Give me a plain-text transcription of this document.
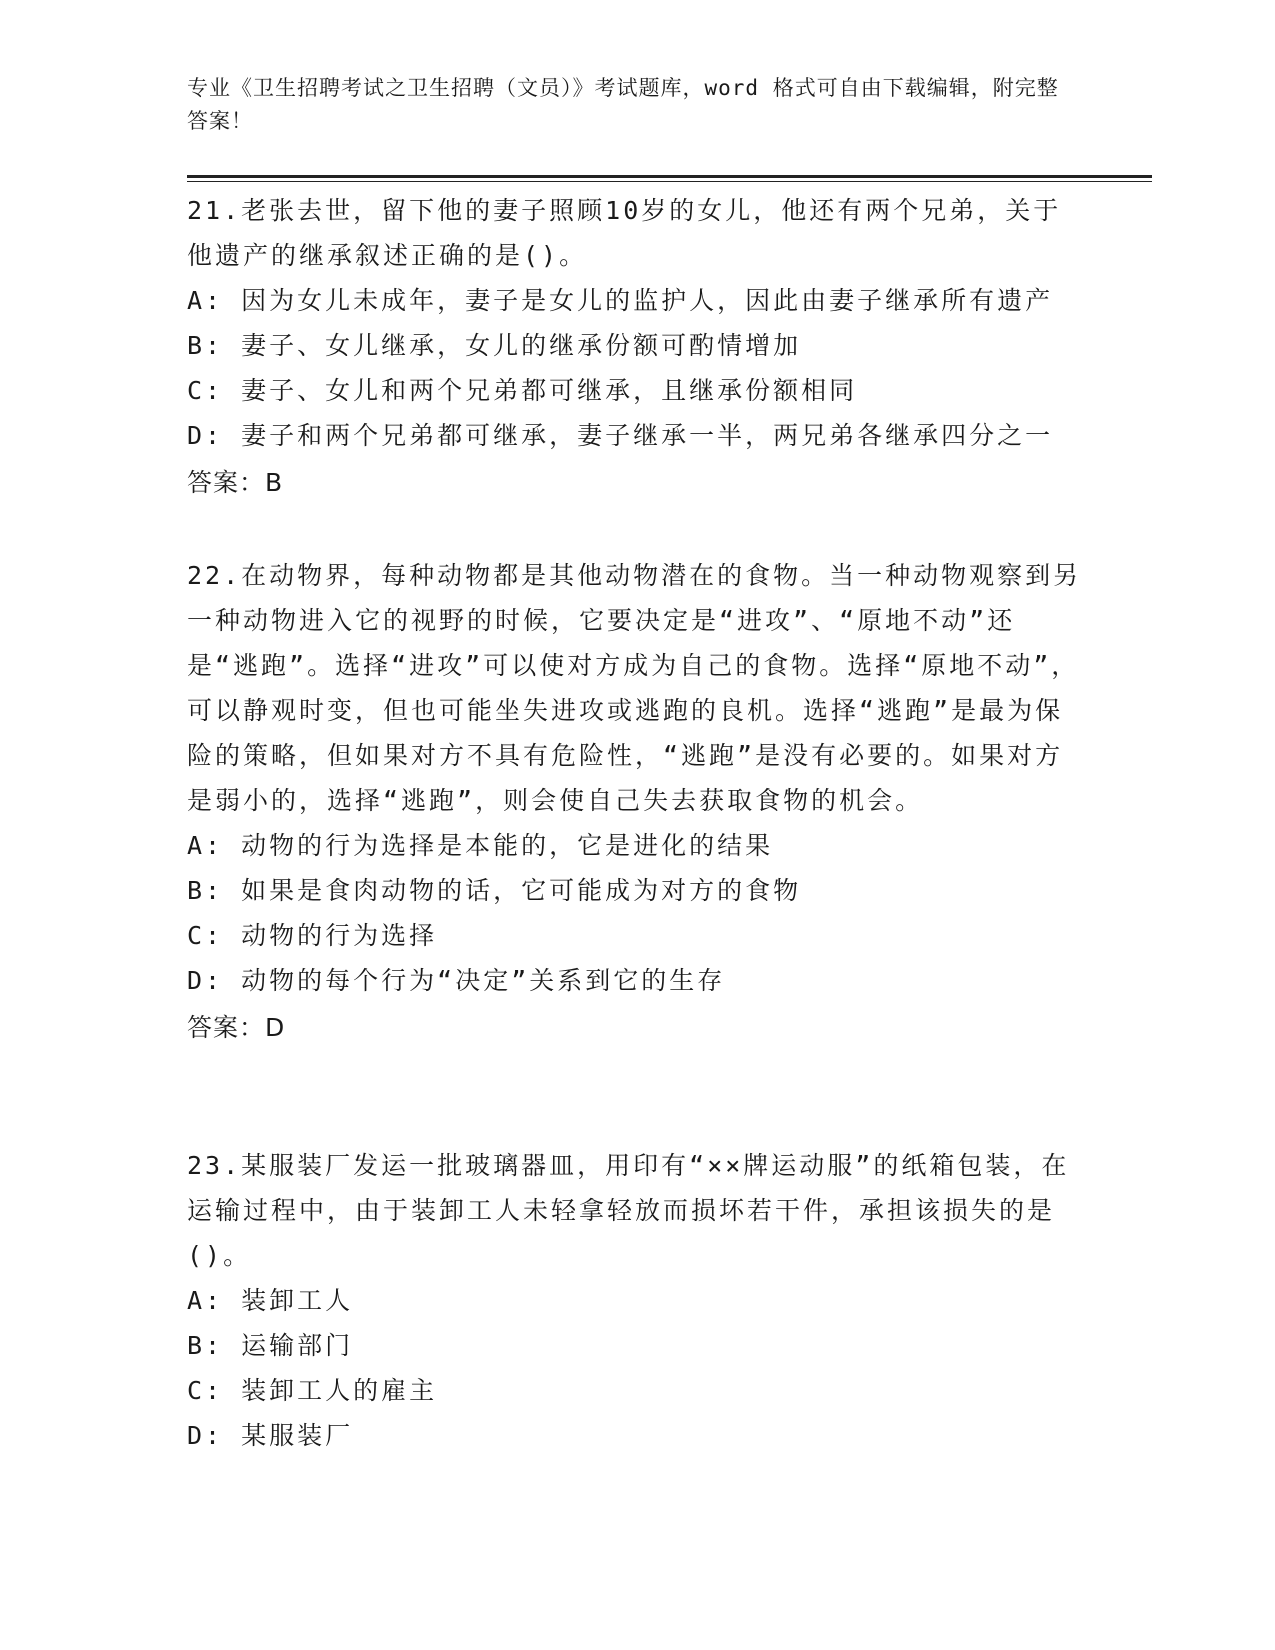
专业《卫生招聘考试之卫生招聘（文员）》考试题库，word 格式可自由下载编辑，附完整答案！
21.老张去世，留下他的妻子照顾10岁的女儿，他还有两个兄弟，关于他遗产的继承叙述正确的是()。
A: 因为女儿未成年，妻子是女儿的监护人，因此由妻子继承所有遗产
B: 妻子、女儿继承，女儿的继承份额可酌情增加
C: 妻子、女儿和两个兄弟都可继承，且继承份额相同
D: 妻子和两个兄弟都可继承，妻子继承一半，两兄弟各继承四分之一
答案：B
22.在动物界，每种动物都是其他动物潜在的食物。当一种动物观察到另一种动物进入它的视野的时候，它要决定是“进攻”、“原地不动”还是“逃跑”。选择“进攻”可以使对方成为自己的食物。选择“原地不动”，可以静观时变，但也可能坐失进攻或逃跑的良机。选择“逃跑”是最为保险的策略，但如果对方不具有危险性，“逃跑”是没有必要的。如果对方是弱小的，选择“逃跑”，则会使自己失去获取食物的机会。
A: 动物的行为选择是本能的，它是进化的结果
B: 如果是食肉动物的话，它可能成为对方的食物
C: 动物的行为选择
D: 动物的每个行为“决定”关系到它的生存
答案：D
23.某服装厂发运一批玻璃器皿，用印有“××牌运动服”的纸箱包装，在运输过程中，由于装卸工人未轻拿轻放而损坏若干件，承担该损失的是()。
A: 装卸工人
B: 运输部门
C: 装卸工人的雇主
D: 某服装厂
